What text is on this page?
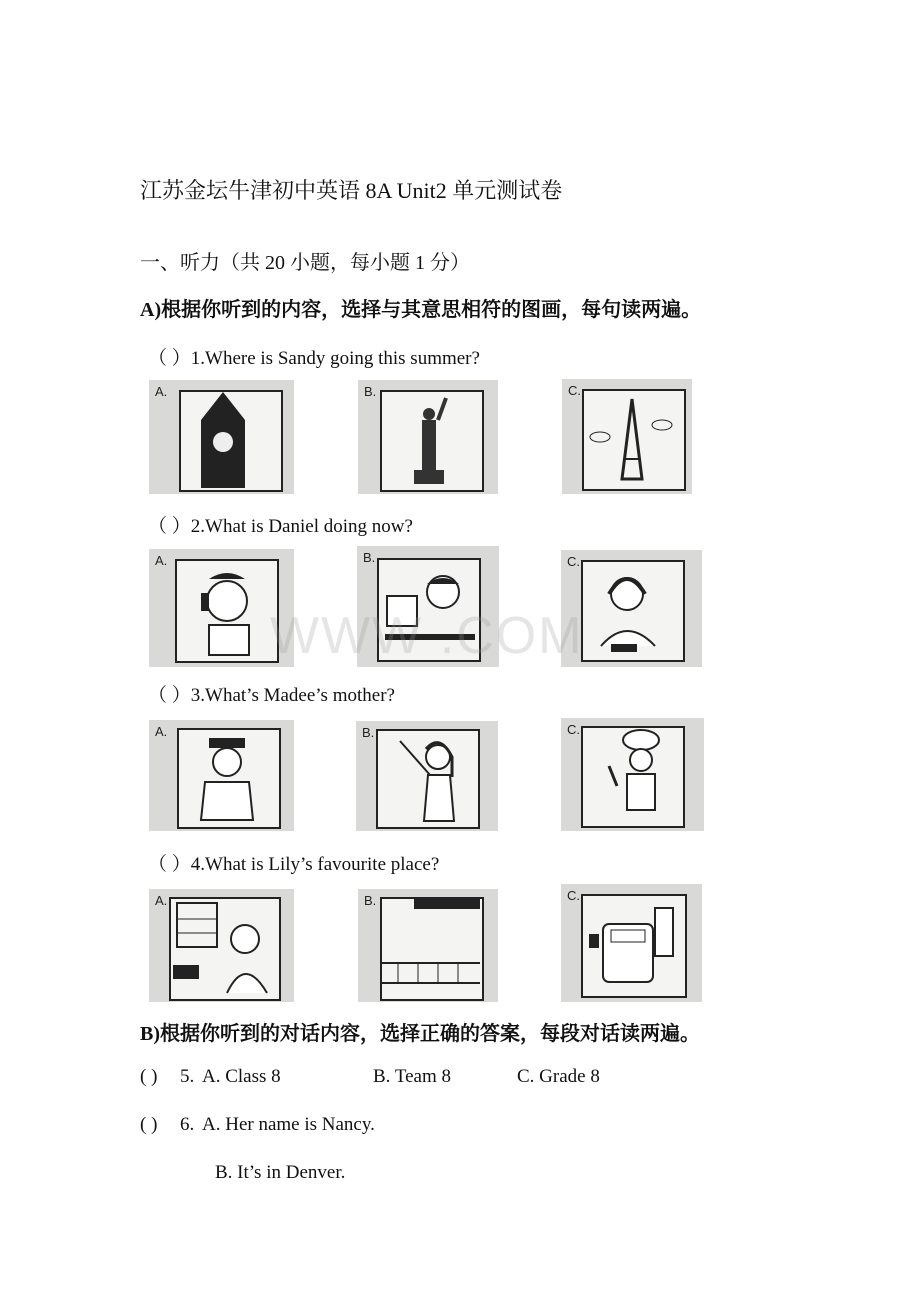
江苏金坛牛津初中英语 8A Unit2 单元测试卷
一、听力（共 20 小题，每小题 1 分）
A)根据你听到的内容，选择与其意思相符的图画，每句读两遍。
（ ）1.Where is Sandy going this summer?
A.	B.	C.
（ ）2.What is Daniel doing now?
A.	B.	C.
WWW .COM
（ ）3.What’s Madee’s mother?
A.	B.	C.
（ ）4.What is Lily’s favourite place?
A.	B.	C.
B)根据你听到的对话内容，选择正确的答案，每段对话读两遍。
( ) 5. A. Class 8	B. Team 8	C. Grade 8
( ) 6. A. Her name is Nancy.
B. It’s in Denver.
